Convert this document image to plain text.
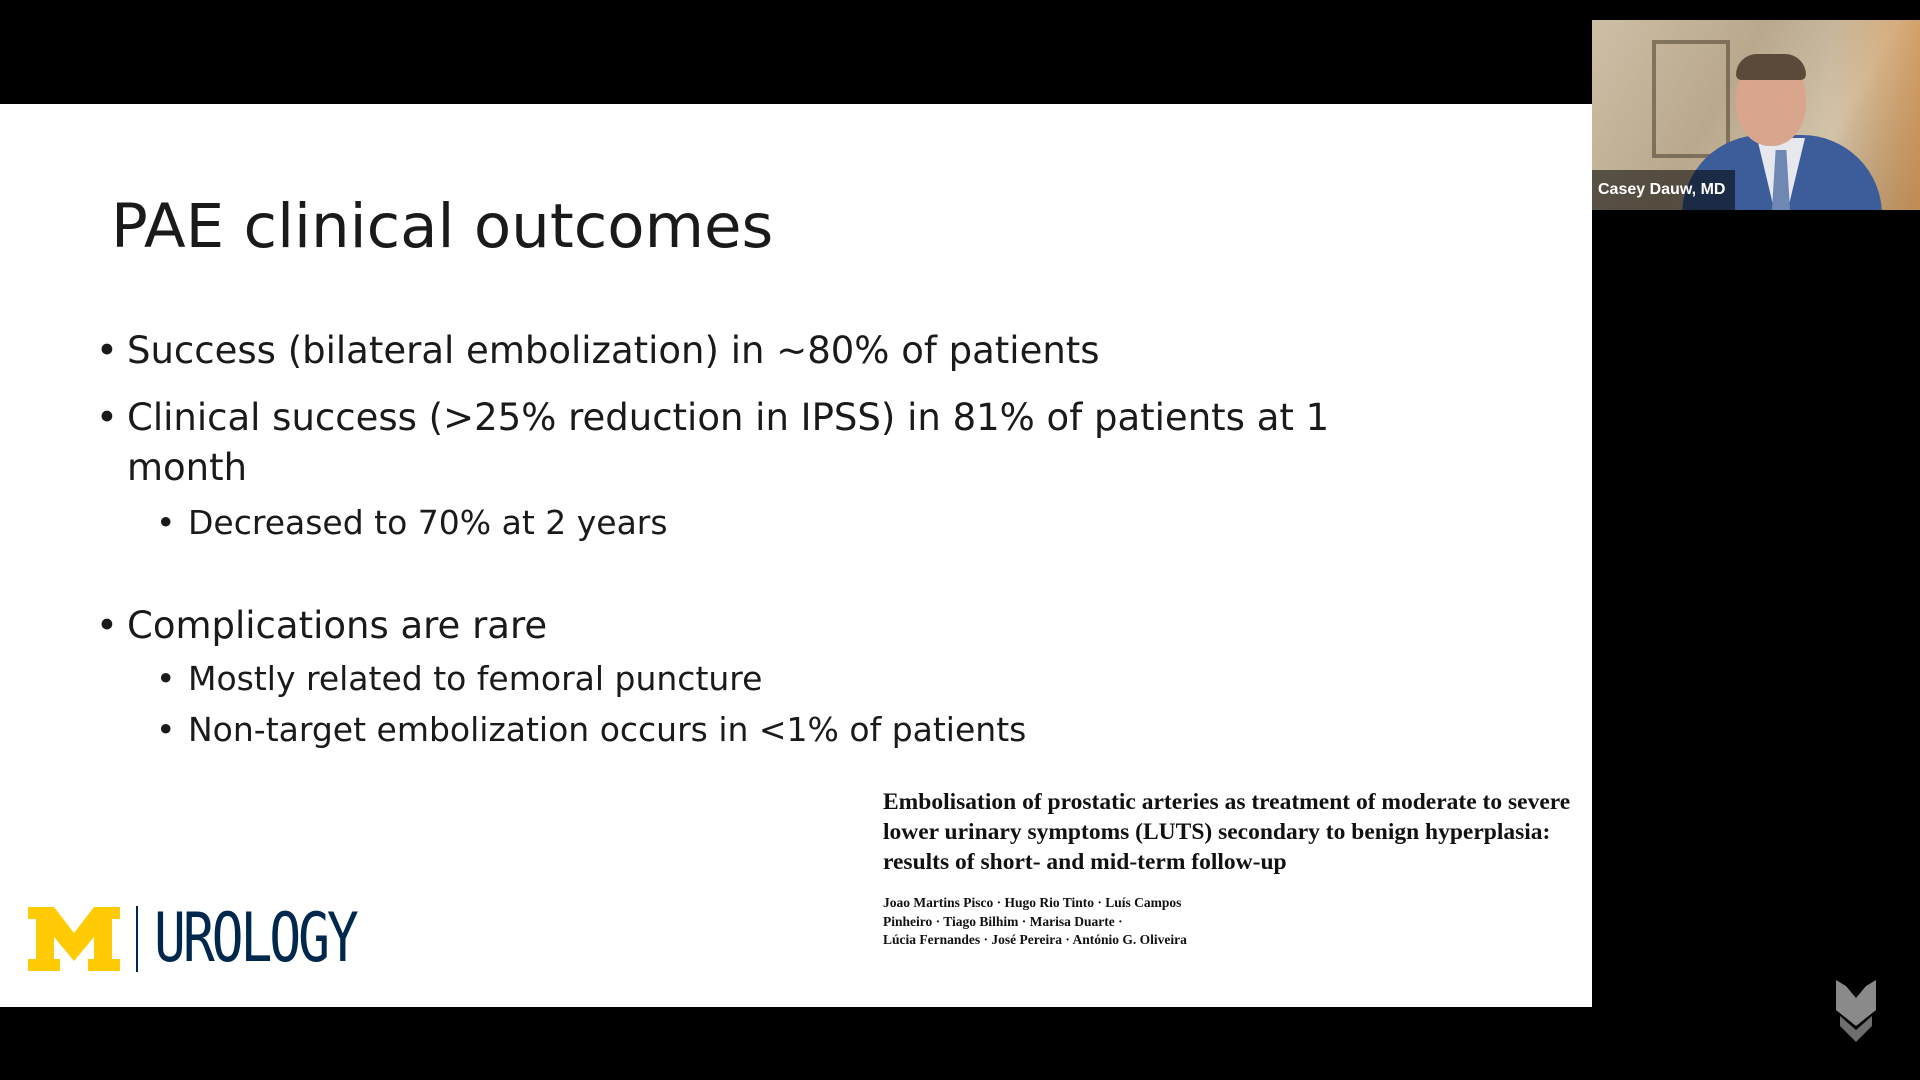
PAE clinical outcomes
• Success (bilateral embolization) in ~80% of patients
• Clinical success (>25% reduction in IPSS) in 81% of patients at 1 month
• Decreased to 70% at 2 years
• Complications are rare
• Mostly related to femoral puncture
• Non-target embolization occurs in <1% of patients
UROLOGY

Embolisation of prostatic arteries as treatment of moderate to severe lower urinary symptoms (LUTS) secondary to benign hyperplasia: results of short- and mid-term follow-up

Joao Martins Pisco · Hugo Rio Tinto · Luís Campos
Pinheiro · Tiago Bilhim · Marisa Duarte ·
Lúcia Fernandes · José Pereira · António G. Oliveira
Casey Dauw, MD
